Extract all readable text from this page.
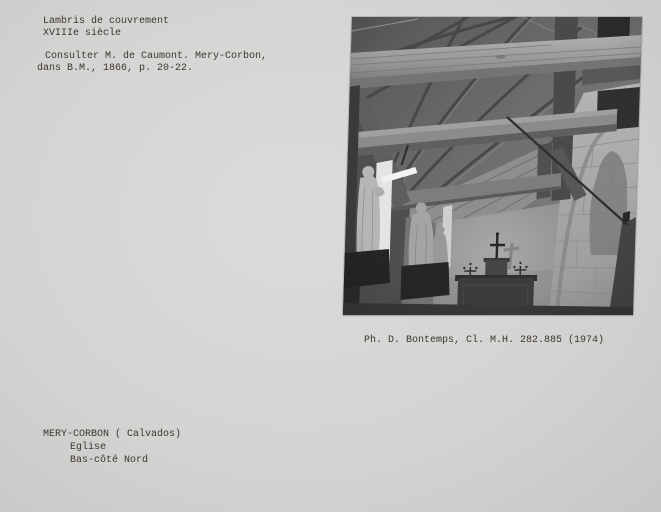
Lambris de couvrement
XVIIIe siècle
Consulter M. de Caumont. Mery-Corbon,
dans B.M., 1866, p. 20-22.
Ph. D. Bontemps, Cl. M.H. 282.885 (1974)
MERY-CORBON ( Calvados)
Eglise
Bas-côté Nord
